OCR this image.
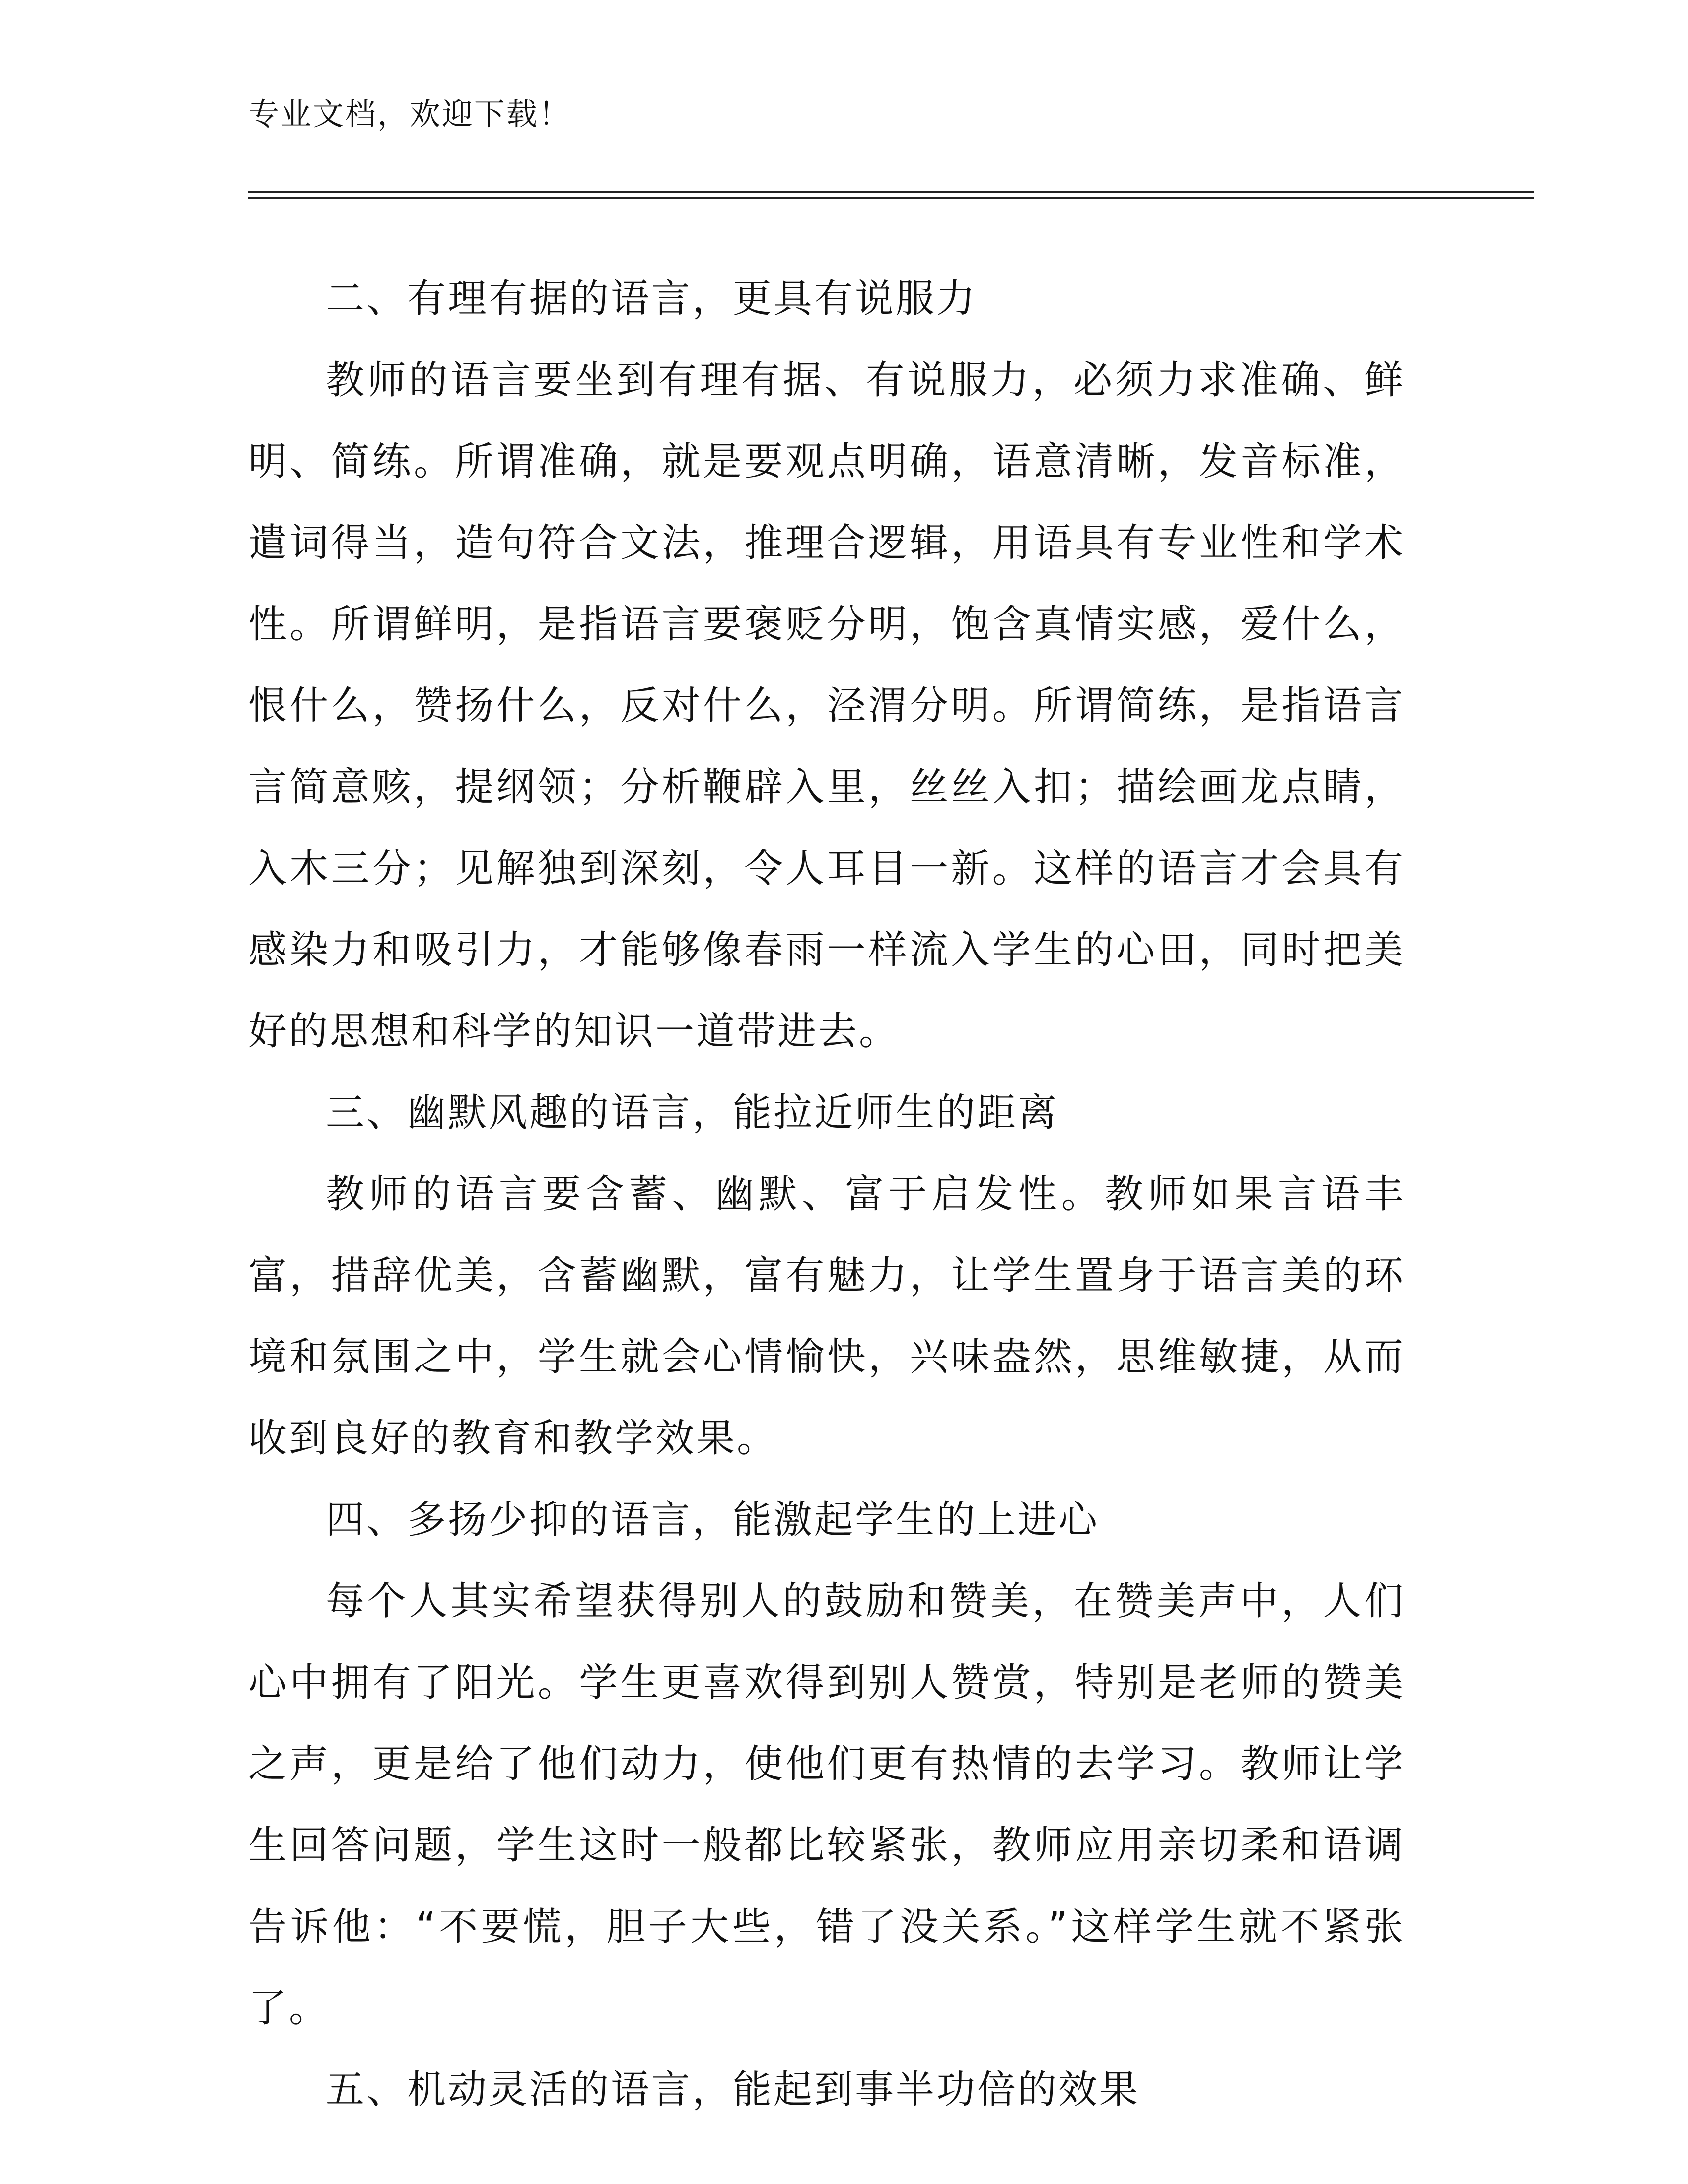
专业文档，欢迎下载！

二、有理有据的语言，更具有说服力

教师的语言要坐到有理有据、有说服力，必须力求准确、鲜明、简练。所谓准确，就是要观点明确，语意清晰，发音标准，遣词得当，造句符合文法，推理合逻辑，用语具有专业性和学术性。所谓鲜明，是指语言要褒贬分明，饱含真情实感，爱什么，恨什么，赞扬什么，反对什么，泾渭分明。所谓简练，是指语言言简意赅，提纲领；分析鞭辟入里，丝丝入扣；描绘画龙点睛，入木三分；见解独到深刻，令人耳目一新。这样的语言才会具有感染力和吸引力，才能够像春雨一样流入学生的心田，同时把美好的思想和科学的知识一道带进去。

三、幽默风趣的语言，能拉近师生的距离

教师的语言要含蓄、幽默、富于启发性。教师如果言语丰富，措辞优美，含蓄幽默，富有魅力，让学生置身于语言美的环境和氛围之中，学生就会心情愉快，兴味盎然，思维敏捷，从而收到良好的教育和教学效果。

四、多扬少抑的语言，能激起学生的上进心

每个人其实希望获得别人的鼓励和赞美，在赞美声中，人们心中拥有了阳光。学生更喜欢得到别人赞赏，特别是老师的赞美之声，更是给了他们动力，使他们更有热情的去学习。教师让学生回答问题，学生这时一般都比较紧张，教师应用亲切柔和语调告诉他：“不要慌，胆子大些，错了没关系。”这样学生就不紧张了。

五、机动灵活的语言，能起到事半功倍的效果
